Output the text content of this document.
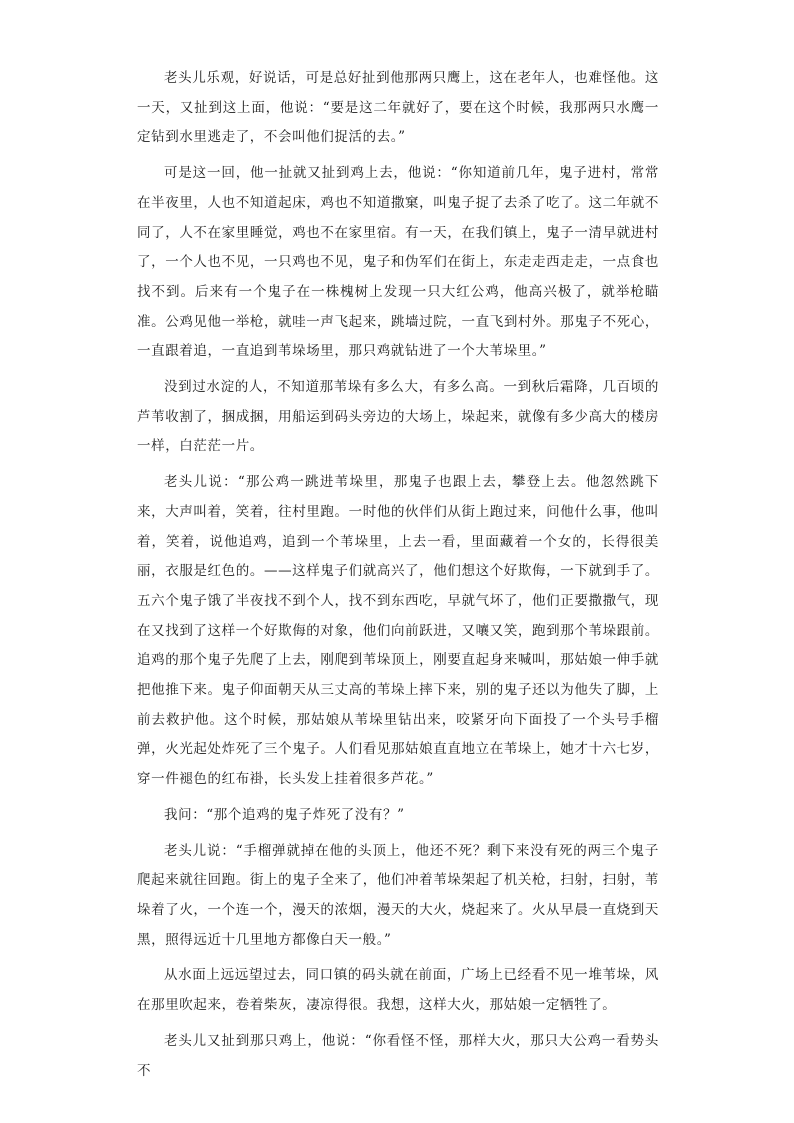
老头儿乐观，好说话，可是总好扯到他那两只鹰上，这在老年人，也难怪他。这一天，又扯到这上面，他说：“要是这二年就好了，要在这个时候，我那两只水鹰一定钻到水里逃走了，不会叫他们捉活的去。”

可是这一回，他一扯就又扯到鸡上去，他说：“你知道前几年，鬼子进村，常常在半夜里，人也不知道起床，鸡也不知道撒窠，叫鬼子捉了去杀了吃了。这二年就不同了，人不在家里睡觉，鸡也不在家里宿。有一天，在我们镇上，鬼子一清早就进村了，一个人也不见，一只鸡也不见，鬼子和伪军们在街上，东走走西走走，一点食也找不到。后来有一个鬼子在一株槐树上发现一只大红公鸡，他高兴极了，就举枪瞄准。公鸡见他一举枪，就哇一声飞起来，跳墙过院，一直飞到村外。那鬼子不死心，一直跟着追，一直追到苇垛场里，那只鸡就钻进了一个大苇垛里。”

没到过水淀的人，不知道那苇垛有多么大，有多么高。一到秋后霜降，几百顷的芦苇收割了，捆成捆，用船运到码头旁边的大场上，垛起来，就像有多少高大的楼房一样，白茫茫一片。

老头儿说：“那公鸡一跳进苇垛里，那鬼子也跟上去，攀登上去。他忽然跳下来，大声叫着，笑着，往村里跑。一时他的伙伴们从街上跑过来，问他什么事，他叫着，笑着，说他追鸡，追到一个苇垛里，上去一看，里面藏着一个女的，长得很美丽，衣服是红色的。——这样鬼子们就高兴了，他们想这个好欺侮，一下就到手了。五六个鬼子饿了半夜找不到个人，找不到东西吃，早就气坏了，他们正要撒撒气，现在又找到了这样一个好欺侮的对象，他们向前跃进，又嚷又笑，跑到那个苇垛跟前。追鸡的那个鬼子先爬了上去，刚爬到苇垛顶上，刚要直起身来喊叫，那姑娘一伸手就把他推下来。鬼子仰面朝天从三丈高的苇垛上摔下来，别的鬼子还以为他失了脚，上前去救护他。这个时候，那姑娘从苇垛里钻出来，咬紧牙向下面投了一个头号手榴弹，火光起处炸死了三个鬼子。人们看见那姑娘直直地立在苇垛上，她才十六七岁，穿一件褪色的红布褂，长头发上挂着很多芦花。”

我问：“那个追鸡的鬼子炸死了没有？”

老头儿说：“手榴弹就掉在他的头顶上，他还不死？剩下来没有死的两三个鬼子爬起来就往回跑。街上的鬼子全来了，他们冲着苇垛架起了机关枪，扫射，扫射，苇垛着了火，一个连一个，漫天的浓烟，漫天的大火，烧起来了。火从早晨一直烧到天黑，照得远近十几里地方都像白天一般。”

从水面上远远望过去，同口镇的码头就在前面，广场上已经看不见一堆苇垛，风在那里吹起来，卷着柴灰，凄凉得很。我想，这样大火，那姑娘一定牺牲了。

老头儿又扯到那只鸡上，他说：“你看怪不怪，那样大火，那只大公鸡一看势头不
